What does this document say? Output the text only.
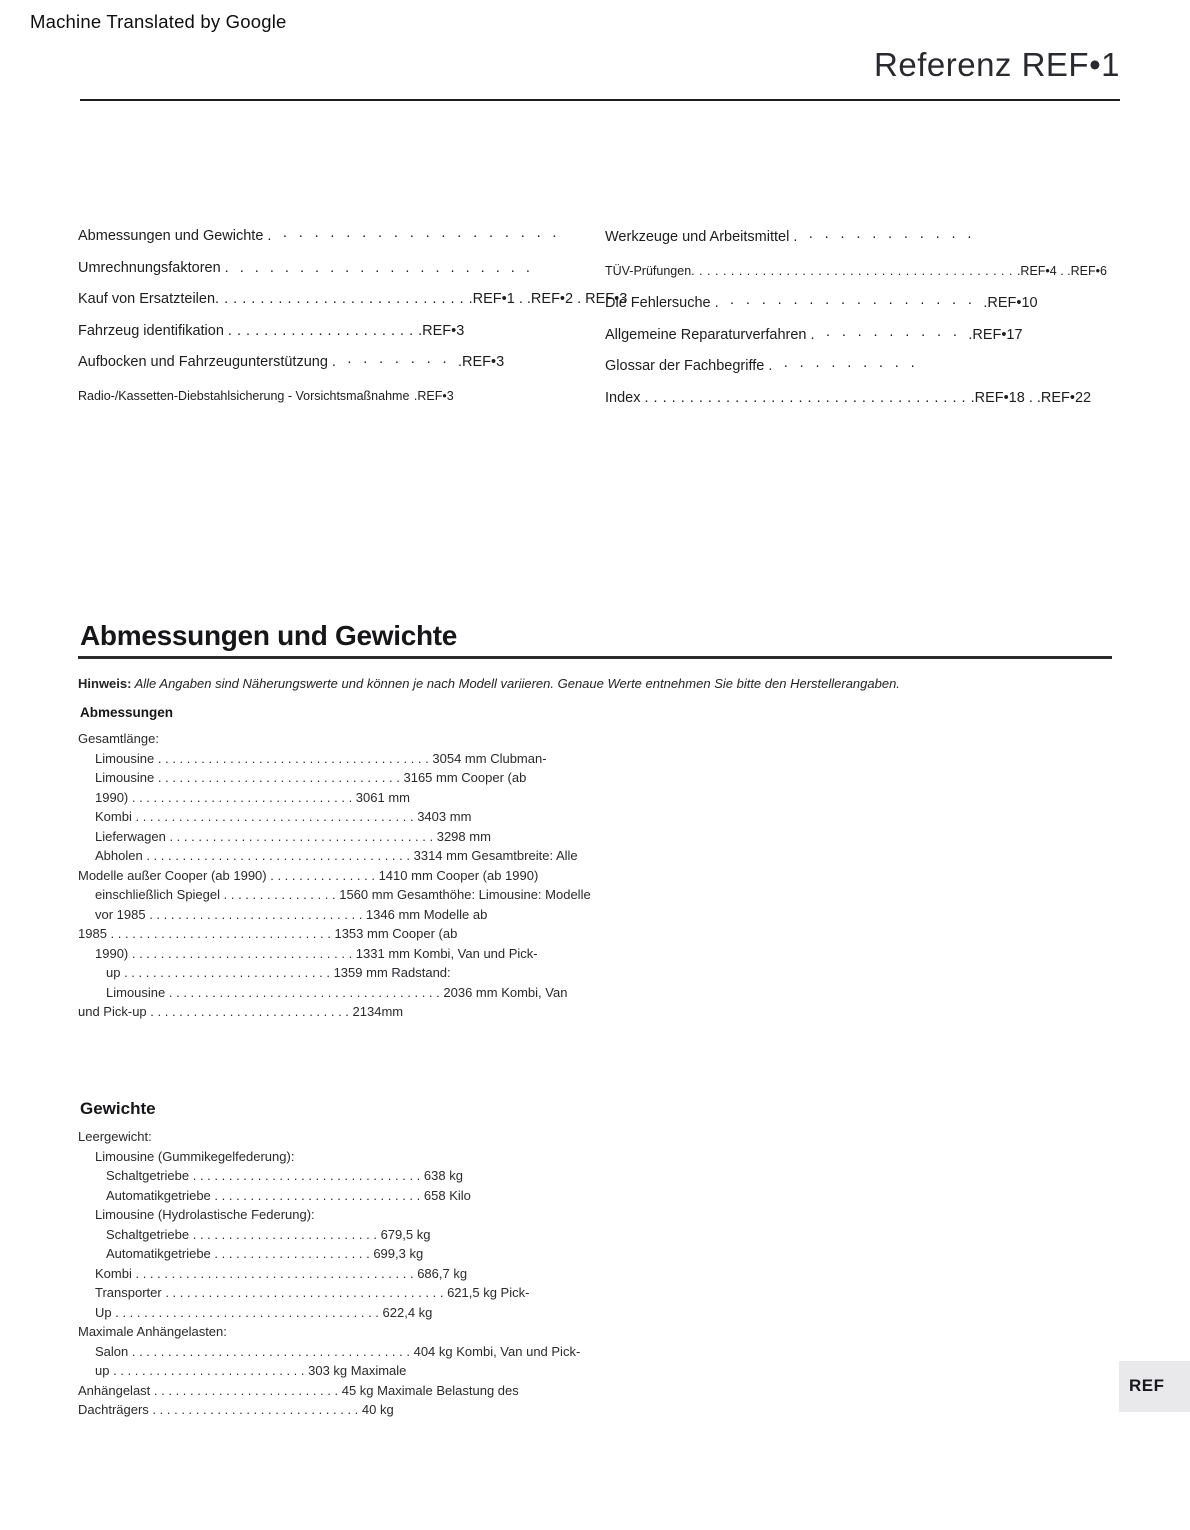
Machine Translated by Google
Referenz REF•1
Abmessungen und Gewichte . · · · · · · · · · · · · · · · · · ·
Umrechnungsfaktoren . . . . . . . . . . . . . . . . . . . . .
Kauf von Ersatzteilen. . . . . . . . . . . . . . . . . . . . . . . . . . . . .REF•1 . .REF•2 . REF•3
Fahrzeug identifikation . . . . . . . . . . . . . . . . . . . . . .REF•3
Aufbocken und Fahrzeugunterstützung . · · · · · · · .REF•3
Radio-/Kassetten-Diebstahlsicherung - Vorsichtsmaßnahme .REF•3
Werkzeuge und Arbeitsmittel . · · · · · · · · · · ·
TÜV-Prüfungen. . . . . . . . . . . . . . . . . . . . . . . . . . . . . . . . . . . . . . . . . .REF•4 . .REF•6
Die Fehlersuche . · · · · · · · · · · · · · · · · .REF•10
Allgemeine Reparaturverfahren . · · · · · · · · · .REF•17
Glossar der Fachbegriffe . · · · · · · · · ·
Index . . . . . . . . . . . . . . . . . . . . . . . . . . . . . . . . . . . . .REF•18 . .REF•22
Abmessungen und Gewichte
Hinweis: Alle Angaben sind Näherungswerte und können je nach Modell variieren. Genaue Werte entnehmen Sie bitte den Herstellerangaben.
Abmessungen
Gesamtlänge:
Limousine . . . . . . . . . . . . . . . . . . . . . . . . . . . . . . . . . . . . . . 3054 mm Clubman-
Limousine . . . . . . . . . . . . . . . . . . . . . . . . . . . . . . . . . . 3165 mm Cooper (ab
1990) . . . . . . . . . . . . . . . . . . . . . . . . . . . . . . . 3061 mm
Kombi . . . . . . . . . . . . . . . . . . . . . . . . . . . . . . . . . . . . . . . 3403 mm
Lieferwagen . . . . . . . . . . . . . . . . . . . . . . . . . . . . . . . . . . . . . 3298 mm
Abholen . . . . . . . . . . . . . . . . . . . . . . . . . . . . . . . . . . . . . 3314 mm Gesamtbreite: Alle
Modelle außer Cooper (ab 1990) . . . . . . . . . . . . . . . 1410 mm Cooper (ab 1990)
einschließlich Spiegel . . . . . . . . . . . . . . . . 1560 mm Gesamthöhe: Limousine: Modelle
vor 1985 . . . . . . . . . . . . . . . . . . . . . . . . . . . . . . 1346 mm Modelle ab
1985 . . . . . . . . . . . . . . . . . . . . . . . . . . . . . . . 1353 mm Cooper (ab
1990) . . . . . . . . . . . . . . . . . . . . . . . . . . . . . . . 1331 mm Kombi, Van und Pick-
up . . . . . . . . . . . . . . . . . . . . . . . . . . . . . 1359 mm Radstand:
Limousine . . . . . . . . . . . . . . . . . . . . . . . . . . . . . . . . . . . . . . 2036 mm Kombi, Van
und Pick-up . . . . . . . . . . . . . . . . . . . . . . . . . . . . 2134mm
Gewichte
Leergewicht:
Limousine (Gummikegelfederung):
Schaltgetriebe . . . . . . . . . . . . . . . . . . . . . . . . . . . . . . . . 638 kg
Automatikgetriebe . . . . . . . . . . . . . . . . . . . . . . . . . . . . . 658 Kilo
Limousine (Hydrolastische Federung):
Schaltgetriebe . . . . . . . . . . . . . . . . . . . . . . . . . . 679,5 kg
Automatikgetriebe . . . . . . . . . . . . . . . . . . . . . . 699,3 kg
Kombi . . . . . . . . . . . . . . . . . . . . . . . . . . . . . . . . . . . . . . . 686,7 kg
Transporter . . . . . . . . . . . . . . . . . . . . . . . . . . . . . . . . . . . . . . . 621,5 kg Pick-
Up . . . . . . . . . . . . . . . . . . . . . . . . . . . . . . . . . . . . . 622,4 kg
Maximale Anhängelasten:
Salon . . . . . . . . . . . . . . . . . . . . . . . . . . . . . . . . . . . . . . . 404 kg Kombi, Van und Pick-
up . . . . . . . . . . . . . . . . . . . . . . . . . . . 303 kg Maximale
Anhängelast . . . . . . . . . . . . . . . . . . . . . . . . . . 45 kg Maximale Belastung des
Dachträgers . . . . . . . . . . . . . . . . . . . . . . . . . . . . . 40 kg
REF
